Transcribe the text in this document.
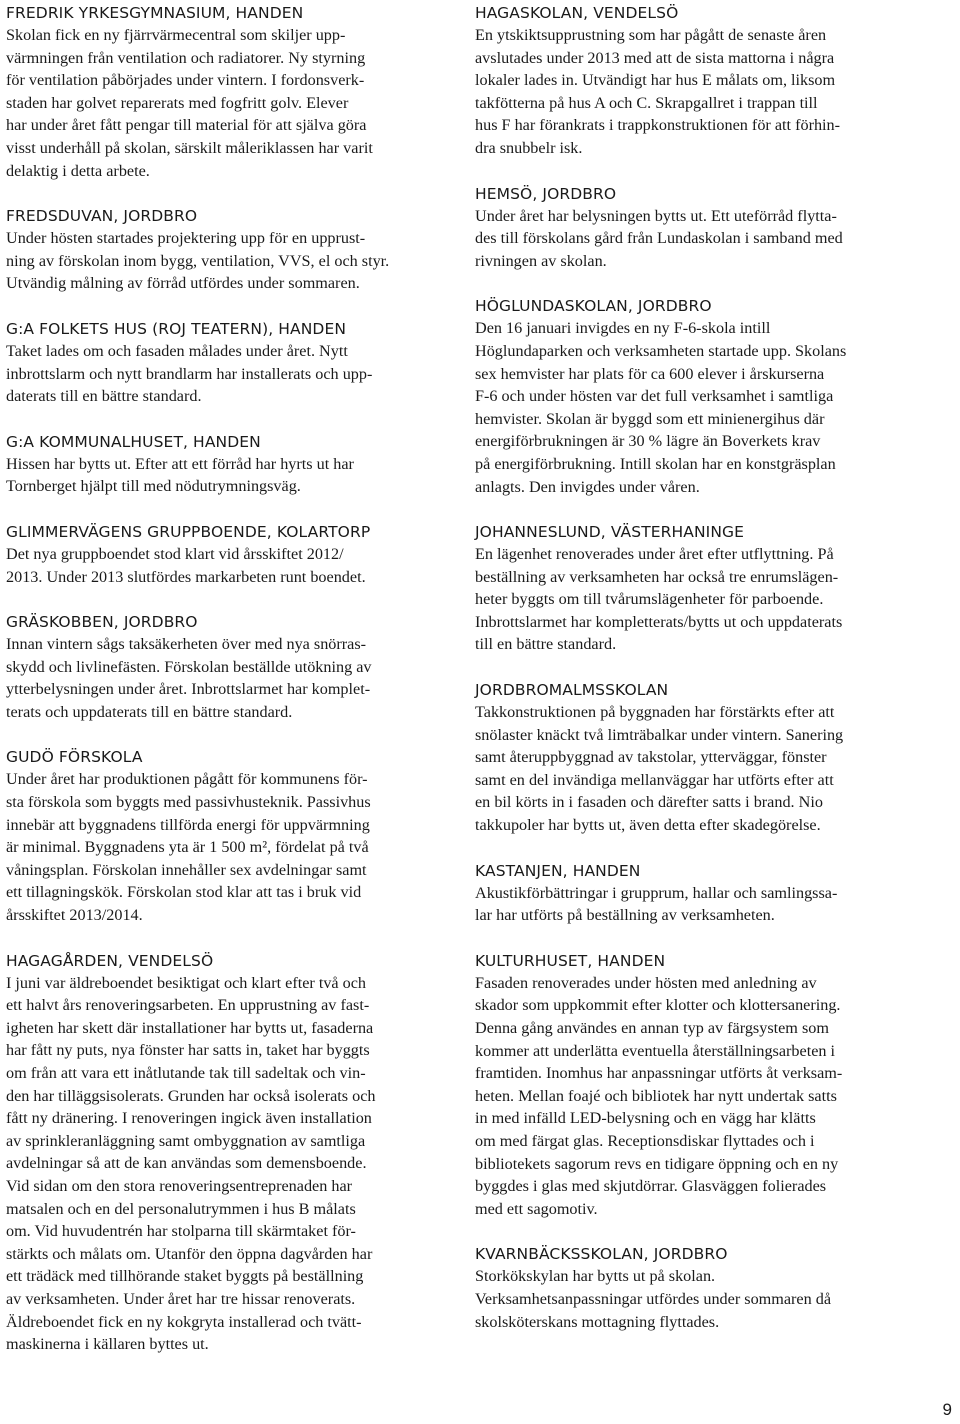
FREDRIK YRKESGYMNASIUM, HANDEN
Skolan fick en ny fjärrvärmecentral som skiljer upp-
värmningen från ventilation och radiatorer. Ny styrning
för ventilation påbörjades under vintern. I fordonsverk-
staden har golvet reparerats med fogfritt golv. Elever
har under året fått pengar till material för att själva göra
visst underhåll på skolan, särskilt måleriklassen har varit
delaktig i detta arbete.
FREDSDUVAN, JORDBRO
Under hösten startades projektering upp för en upprust-
ning av förskolan inom bygg, ventilation, VVS, el och styr.
Utvändig målning av förråd utfördes under sommaren.
G:A FOLKETS HUS (ROJ TEATERN), HANDEN
Taket lades om och fasaden målades under året. Nytt
inbrottslarm och nytt brandlarm har installerats och upp-
daterats till en bättre standard.
G:A KOMMUNALHUSET, HANDEN
Hissen har bytts ut. Efter att ett förråd har hyrts ut har
Tornberget hjälpt till med nödutrymningsväg.
GLIMMERVÄGENS GRUPPBOENDE, KOLARTORP
Det nya gruppboendet stod klart vid årsskiftet 2012/
2013. Under 2013 slutfördes markarbeten runt boendet.
GRÄSKOBBEN, JORDBRO
Innan vintern sågs taksäkerheten över med nya snörras-
skydd och livlinefästen. Förskolan beställde utökning av
ytterbelysningen under året. Inbrottslarmet har komplet-
terats och uppdaterats till en bättre standard.
GUDÖ FÖRSKOLA
Under året har produktionen pågått för kommunens för-
sta förskola som byggts med passivhusteknik. Passivhus
innebär att byggnadens tillförda energi för uppvärmning
är minimal. Byggnadens yta är 1 500 m², fördelat på två
våningsplan. Förskolan innehåller sex avdelningar samt
ett tillagningskök. Förskolan stod klar att tas i bruk vid
årsskiftet 2013/2014.
HAGAGÅRDEN, VENDELSÖ
I juni var äldreboendet besiktigat och klart efter två och
ett halvt års renoveringsarbeten. En upprustning av fast-
igheten har skett där installationer har bytts ut, fasaderna
har fått ny puts, nya fönster har satts in, taket har byggts
om från att vara ett inåtlutande tak till sadeltak och vin-
den har tilläggsisolerats. Grunden har också isolerats och
fått ny dränering. I renoveringen ingick även installation
av sprinkleranläggning samt ombyggnation av samtliga
avdelningar så att de kan användas som demensboende.
Vid sidan om den stora renoveringsentreprenaden har
matsalen och en del personalutrymmen i hus B målats
om. Vid huvudentrén har stolparna till skärmtaket för-
stärkts och målats om. Utanför den öppna dagvården har
ett trädäck med tillhörande staket byggts på beställning
av verksamheten. Under året har tre hissar renoverats.
Äldreboendet fick en ny kokgryta installerad och tvätt-
maskinerna i källaren byttes ut.
HAGASKOLAN, VENDELSÖ
En ytskiktsupprustning som har pågått de senaste åren
avslutades under 2013 med att de sista mattorna i några
lokaler lades in. Utvändigt har hus E målats om, liksom
takfötterna på hus A och C. Skrapgallret i trappan till
hus F har förankrats i trappkonstruktionen för att förhin-
dra snubbelr isk.
HEMSÖ, JORDBRO
Under året har belysningen bytts ut. Ett uteförråd flytta-
des till förskolans gård från Lundaskolan i samband med
rivningen av skolan.
HÖGLUNDASKOLAN, JORDBRO
Den 16 januari invigdes en ny F-6-skola intill
Höglundaparken och verksamheten startade upp. Skolans
sex hemvister har plats för ca 600 elever i årskurserna
F-6 och under hösten var det full verksamhet i samtliga
hemvister. Skolan är byggd som ett minienergihus där
energiförbrukningen är 30 % lägre än Boverkets krav
på energiförbrukning. Intill skolan har en konstgräsplan
anlagts. Den invigdes under våren.
JOHANNESLUND, VÄSTERHANINGE
En lägenhet renoverades under året efter utflyttning. På
beställning av verksamheten har också tre enrumslägen-
heter byggts om till tvårumslägenheter för parboende.
Inbrottslarmet har kompletterats/bytts ut och uppdaterats
till en bättre standard.
JORDBROMALMSSKOLAN
Takkonstruktionen på byggnaden har förstärkts efter att
snölaster knäckt två limträbalkar under vintern. Sanering
samt återuppbyggnad av takstolar, ytterväggar, fönster
samt en del invändiga mellanväggar har utförts efter att
en bil körts in i fasaden och därefter satts i brand. Nio
takkupoler har bytts ut, även detta efter skadegörelse.
KASTANJEN, HANDEN
Akustikförbättringar i grupprum, hallar och samlingssa-
lar har utförts på beställning av verksamheten.
KULTURHUSET, HANDEN
Fasaden renoverades under hösten med anledning av
skador som uppkommit efter klotter och klottersanering.
Denna gång användes en annan typ av färgsystem som
kommer att underlätta eventuella återställningsarbeten i
framtiden. Inomhus har anpassningar utförts åt verksam-
heten. Mellan foajé och bibliotek har nytt undertak satts
in med infälld LED-belysning och en vägg har klätts
om med färgat glas. Receptionsdiskar flyttades och i
bibliotekets sagorum revs en tidigare öppning och en ny
byggdes i glas med skjutdörrar. Glasväggen folierades
med ett sagomotiv.
KVARNBÄCKSSKOLAN, JORDBRO
Storkökskylan har bytts ut på skolan.
Verksamhetsanpassningar utfördes under sommaren då
skolsköterskans mottagning flyttades.
9
